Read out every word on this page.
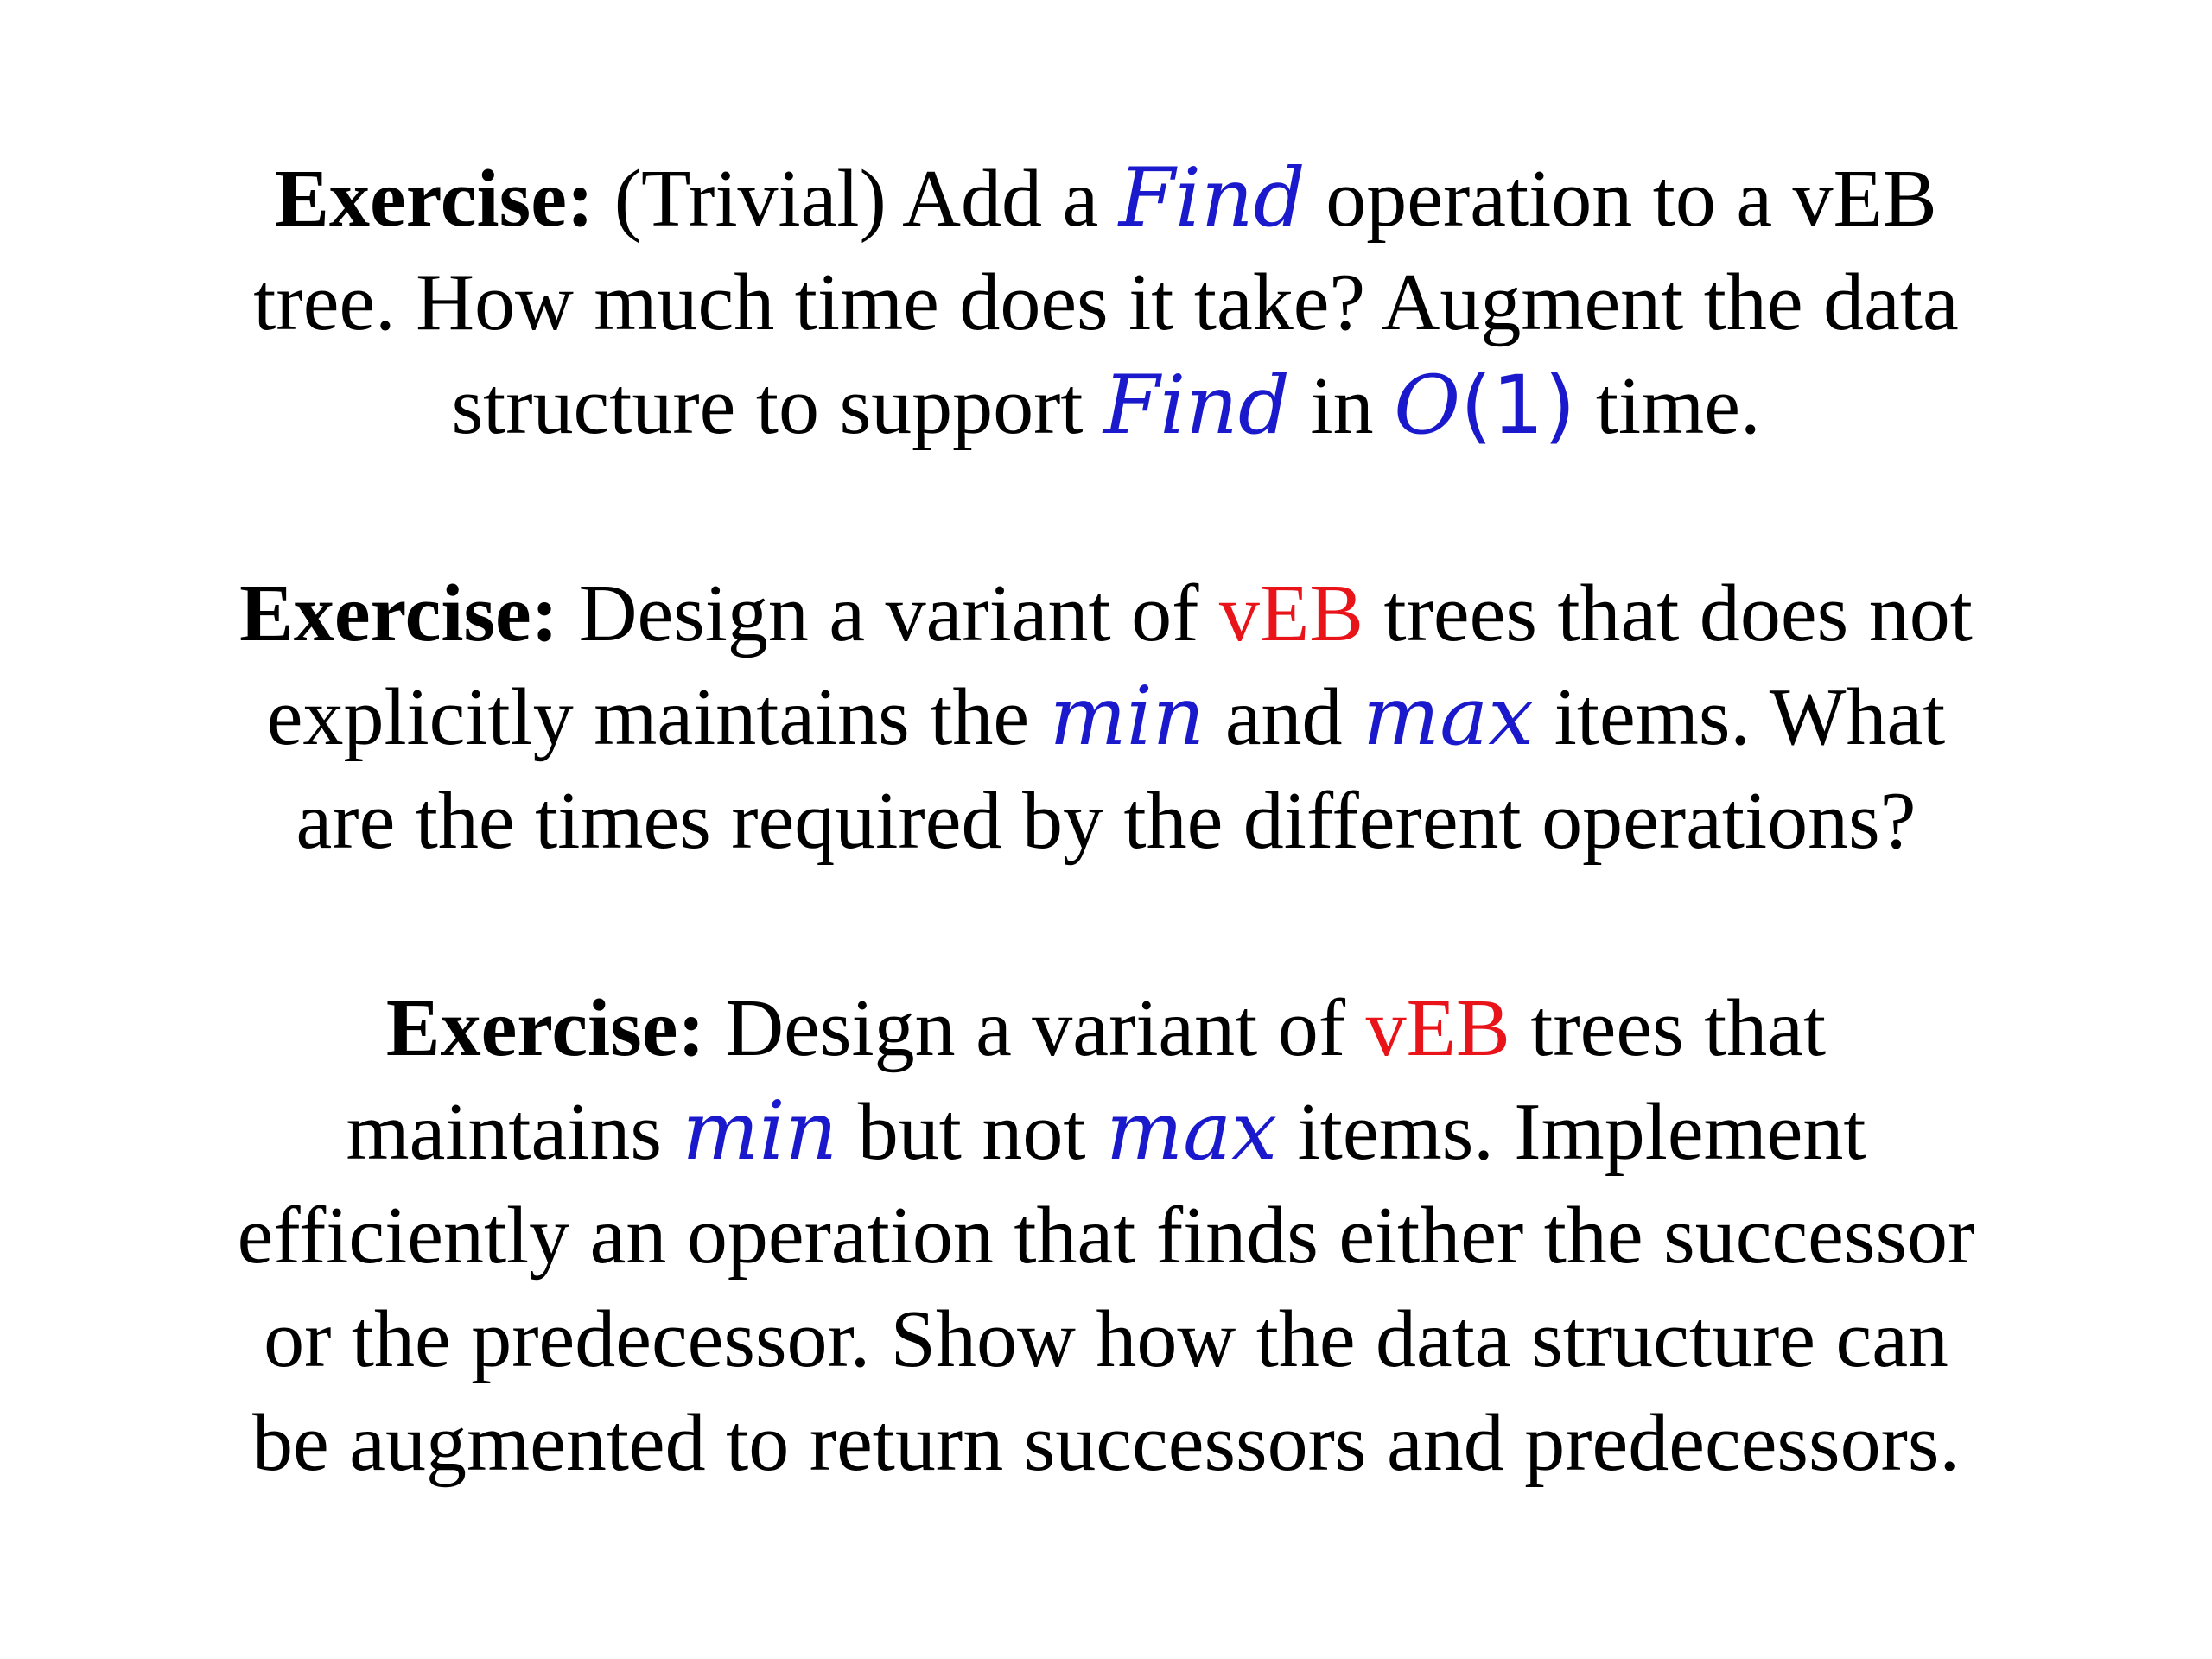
Exercise: (Trivial) Add a Find operation to a vEB
tree. How much time does it take? Augment the data
structure to support Find in O(1) time.

Exercise: Design a variant of vEB trees that does not
explicitly maintains the min and max items. What
are the times required by the different operations?

Exercise: Design a variant of vEB trees that
maintains min but not max items. Implement
efficiently an operation that finds either the successor
or the predecessor. Show how the data structure can
be augmented to return successors and predecessors.
